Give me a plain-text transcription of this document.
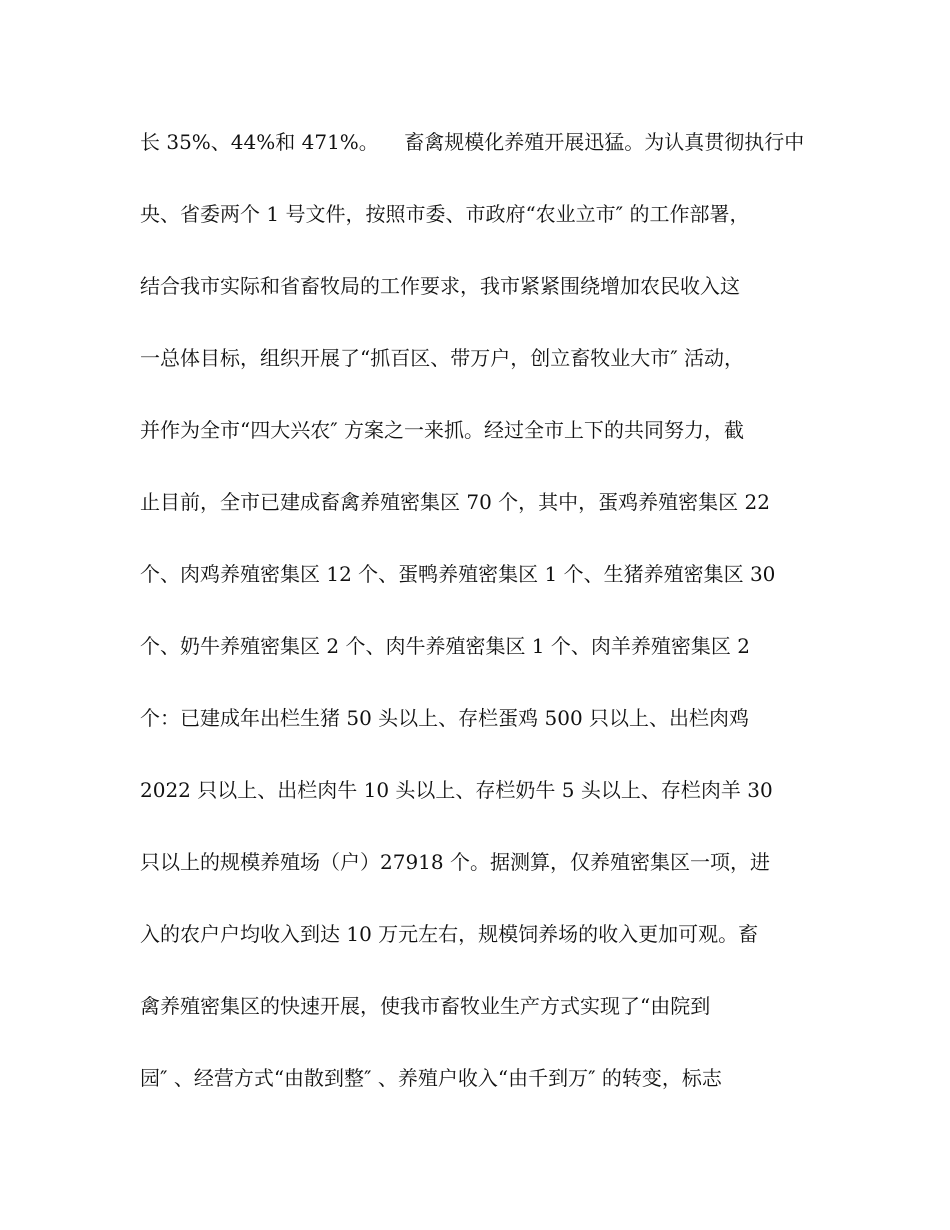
长 35%、44%和 471%。    畜禽规模化养殖开展迅猛。为认真贯彻执行中

央、省委两个 1 号文件，按照市委、市政府“农业立市″ 的工作部署，

结合我市实际和省畜牧局的工作要求，我市紧紧围绕增加农民收入这

一总体目标，组织开展了“抓百区、带万户，创立畜牧业大市″ 活动，

并作为全市“四大兴农″ 方案之一来抓。经过全市上下的共同努力，截

止目前，全市已建成畜禽养殖密集区 70 个，其中，蛋鸡养殖密集区 22

个、肉鸡养殖密集区 12 个、蛋鸭养殖密集区 1 个、生猪养殖密集区 30

个、奶牛养殖密集区 2 个、肉牛养殖密集区 1 个、肉羊养殖密集区 2

个：已建成年出栏生猪 50 头以上、存栏蛋鸡 500 只以上、出栏肉鸡

2022 只以上、出栏肉牛 10 头以上、存栏奶牛 5 头以上、存栏肉羊 30

只以上的规模养殖场（户）27918 个。据测算，仅养殖密集区一项，进

入的农户户均收入到达 10 万元左右，规模饲养场的收入更加可观。畜

禽养殖密集区的快速开展，使我市畜牧业生产方式实现了“由院到

园″ 、经营方式“由散到整″ 、养殖户收入“由千到万″ 的转变，标志
